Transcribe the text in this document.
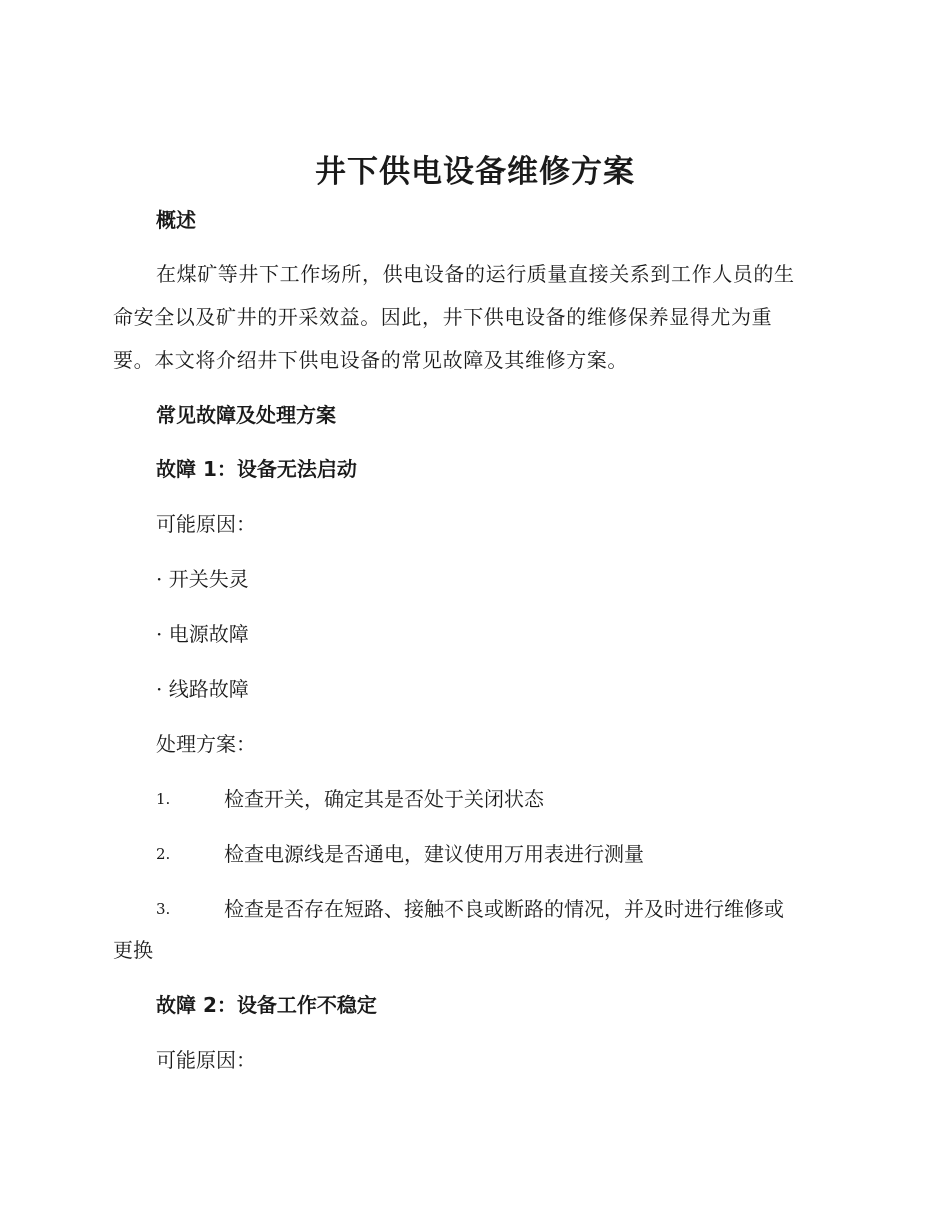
井下供电设备维修方案
概述
在煤矿等井下工作场所，供电设备的运行质量直接关系到工作人员的生
命安全以及矿井的开采效益。因此，井下供电设备的维修保养显得尤为重
要。本文将介绍井下供电设备的常见故障及其维修方案。
常见故障及处理方案
故障 1：设备无法启动
可能原因：
· 开关失灵
· 电源故障
· 线路故障
处理方案：
1.	检查开关，确定其是否处于关闭状态
2.	检查电源线是否通电，建议使用万用表进行测量
3.	检查是否存在短路、接触不良或断路的情况，并及时进行维修或
更换
故障 2：设备工作不稳定
可能原因：
